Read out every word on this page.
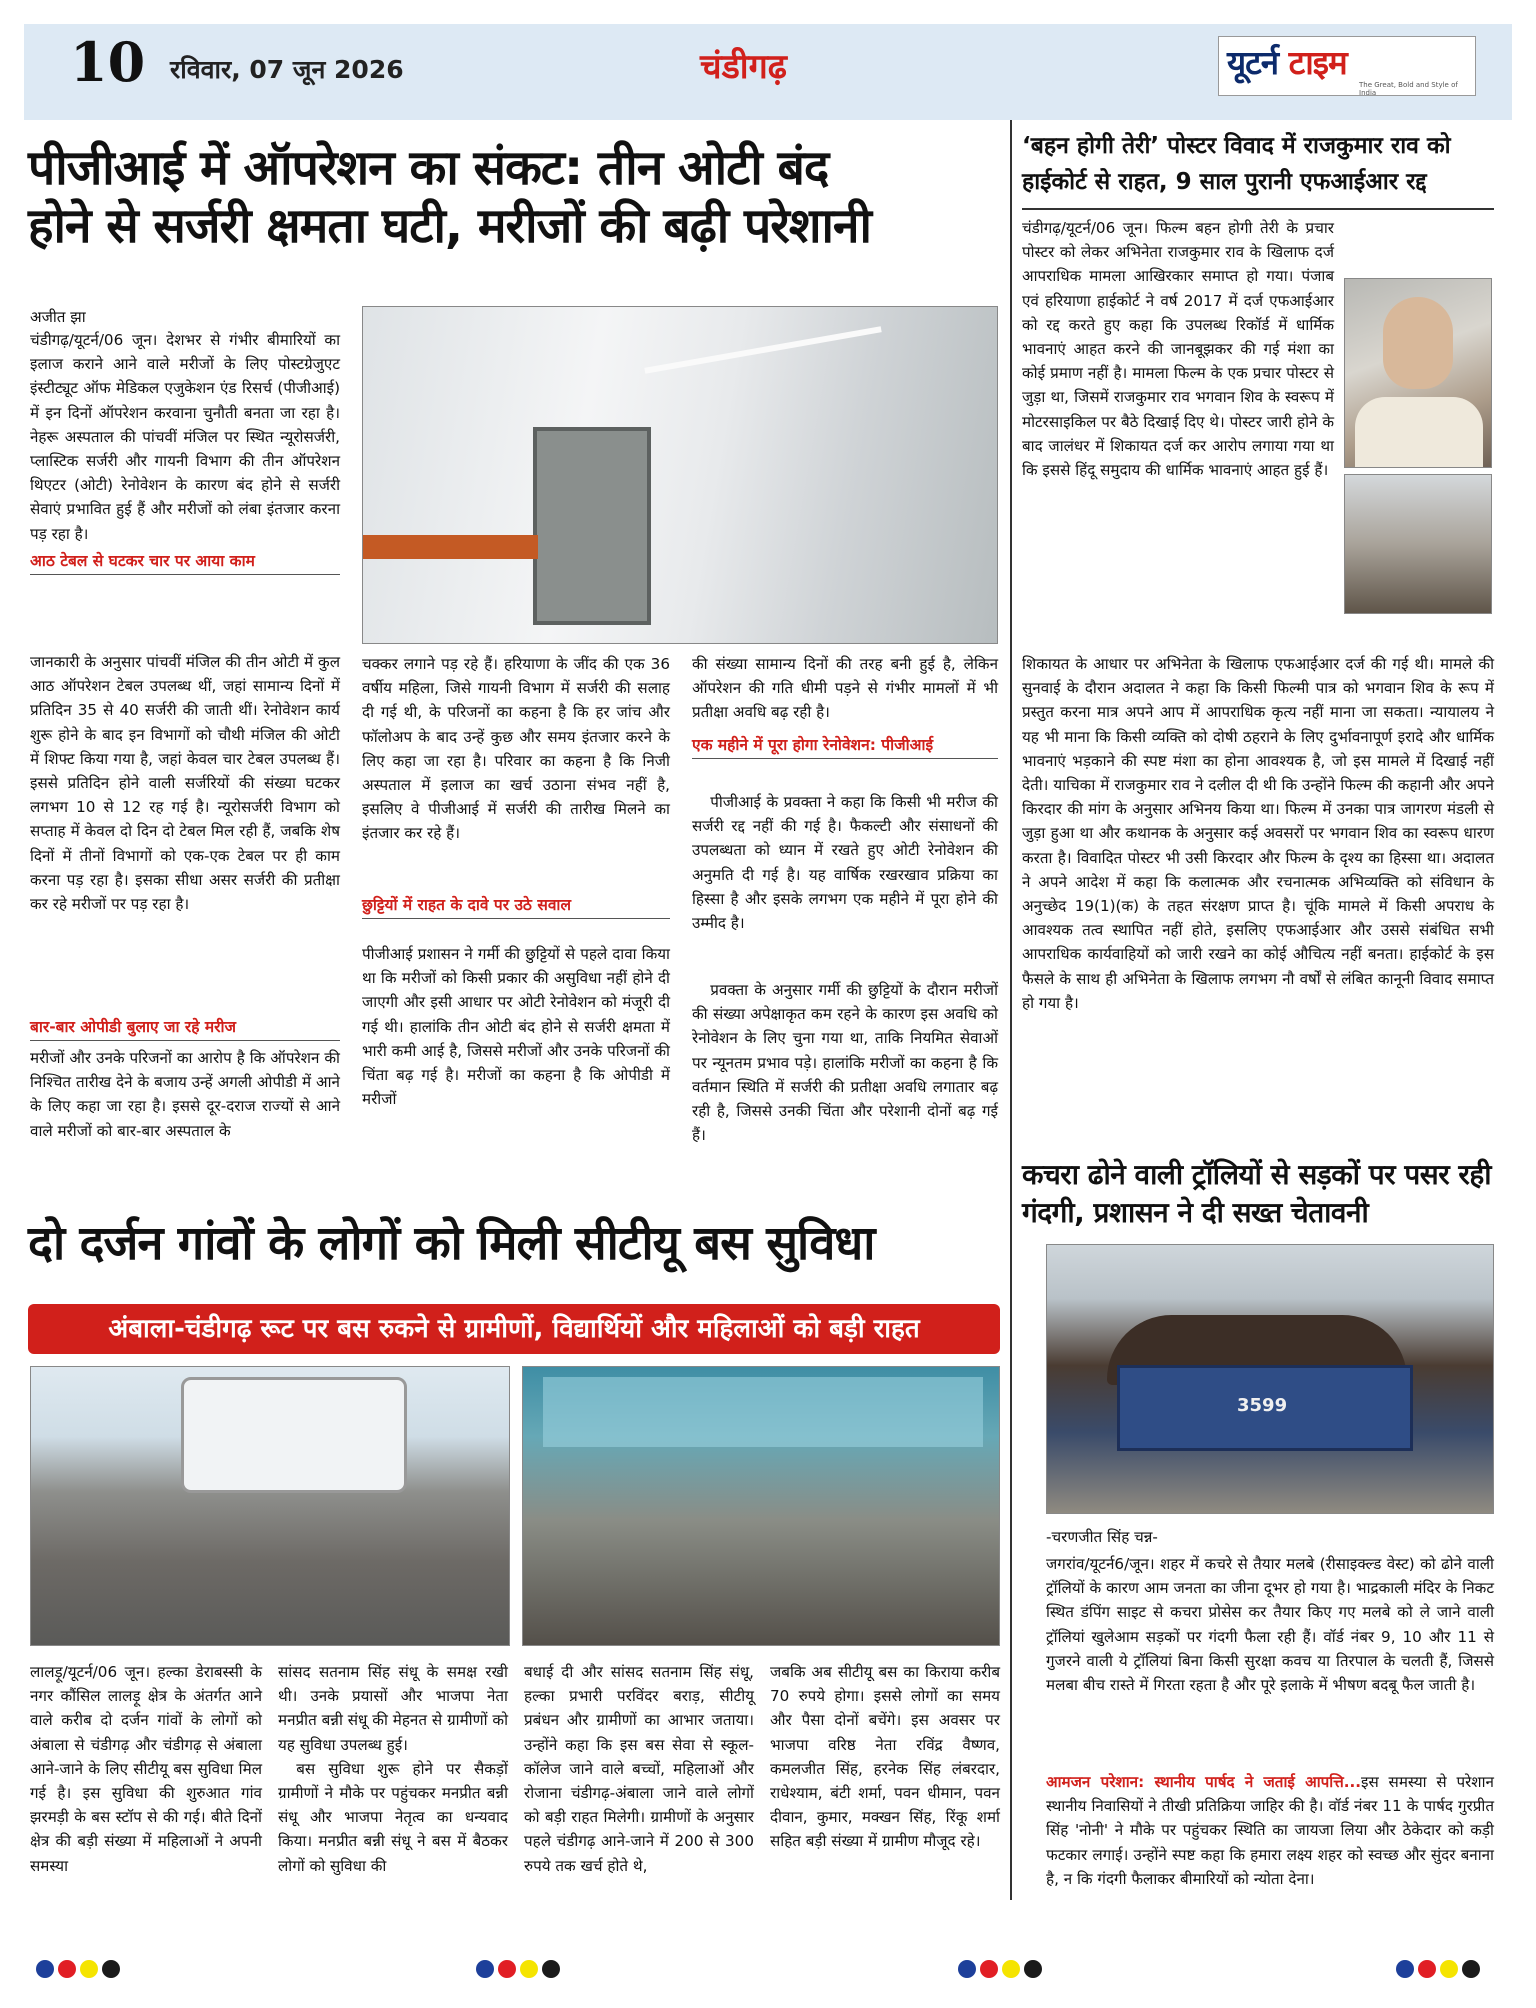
10 रविवार, 07 जून 2026	चंडीगढ़	यूटर्न टाइम
The Great, Bold and Style of India
पीजीआई में ऑपरेशन का संकट: तीन ओटी बंद
होने से सर्जरी क्षमता घटी, मरीजों की बढ़ी परेशानी
अजीत झा
चंडीगढ़/यूटर्न/06 जून। देशभर से गंभीर बीमारियों का इलाज कराने आने वाले मरीजों के लिए पोस्टग्रेजुएट इंस्टीट्यूट ऑफ मेडिकल एजुकेशन एंड रिसर्च (पीजीआई) में इन दिनों ऑपरेशन करवाना चुनौती बनता जा रहा है। नेहरू अस्पताल की पांचवीं मंजिल पर स्थित न्यूरोसर्जरी, प्लास्टिक सर्जरी और गायनी विभाग की तीन ऑपरेशन थिएटर (ओटी) रेनोवेशन के कारण बंद होने से सर्जरी सेवाएं प्रभावित हुई हैं और मरीजों को लंबा इंतजार करना पड़ रहा है।
आठ टेबल से घटकर चार पर आया काम
जानकारी के अनुसार पांचवीं मंजिल की तीन ओटी में कुल आठ ऑपरेशन टेबल उपलब्ध थीं, जहां सामान्य दिनों में प्रतिदिन 35 से 40 सर्जरी की जाती थीं। रेनोवेशन कार्य शुरू होने के बाद इन विभागों को चौथी मंजिल की ओटी में शिफ्ट किया गया है, जहां केवल चार टेबल उपलब्ध हैं। इससे प्रतिदिन होने वाली सर्जरियों की संख्या घटकर लगभग 10 से 12 रह गई है। न्यूरोसर्जरी विभाग को सप्ताह में केवल दो दिन दो टेबल मिल रही हैं, जबकि शेष दिनों में तीनों विभागों को एक-एक टेबल पर ही काम करना पड़ रहा है। इसका सीधा असर सर्जरी की प्रतीक्षा कर रहे मरीजों पर पड़ रहा है।
बार-बार ओपीडी बुलाए जा रहे मरीज
मरीजों और उनके परिजनों का आरोप है कि ऑपरेशन की निश्चित तारीख देने के बजाय उन्हें अगली ओपीडी में आने के लिए कहा जा रहा है। इससे दूर-दराज राज्यों से आने वाले मरीजों को बार-बार अस्पताल के
चक्कर लगाने पड़ रहे हैं। हरियाणा के जींद की एक 36 वर्षीय महिला, जिसे गायनी विभाग में सर्जरी की सलाह दी गई थी, के परिजनों का कहना है कि हर जांच और फॉलोअप के बाद उन्हें कुछ और समय इंतजार करने के लिए कहा जा रहा है। परिवार का कहना है कि निजी अस्पताल में इलाज का खर्च उठाना संभव नहीं है, इसलिए वे पीजीआई में सर्जरी की तारीख मिलने का इंतजार कर रहे हैं।
छुट्टियों में राहत के दावे पर उठे सवाल
पीजीआई प्रशासन ने गर्मी की छुट्टियों से पहले दावा किया था कि मरीजों को किसी प्रकार की असुविधा नहीं होने दी जाएगी और इसी आधार पर ओटी रेनोवेशन को मंजूरी दी गई थी। हालांकि तीन ओटी बंद होने से सर्जरी क्षमता में भारी कमी आई है, जिससे मरीजों और उनके परिजनों की चिंता बढ़ गई है। मरीजों का कहना है कि ओपीडी में मरीजों
की संख्या सामान्य दिनों की तरह बनी हुई है, लेकिन ऑपरेशन की गति धीमी पड़ने से गंभीर मामलों में भी प्रतीक्षा अवधि बढ़ रही है।
एक महीने में पूरा होगा रेनोवेशन: पीजीआई
पीजीआई के प्रवक्ता ने कहा कि किसी भी मरीज की सर्जरी रद्द नहीं की गई है। फैकल्टी और संसाधनों की उपलब्धता को ध्यान में रखते हुए ओटी रेनोवेशन की अनुमति दी गई है। यह वार्षिक रखरखाव प्रक्रिया का हिस्सा है और इसके लगभग एक महीने में पूरा होने की उम्मीद है।
प्रवक्ता के अनुसार गर्मी की छुट्टियों के दौरान मरीजों की संख्या अपेक्षाकृत कम रहने के कारण इस अवधि को रेनोवेशन के लिए चुना गया था, ताकि नियमित सेवाओं पर न्यूनतम प्रभाव पड़े। हालांकि मरीजों का कहना है कि वर्तमान स्थिति में सर्जरी की प्रतीक्षा अवधि लगातार बढ़ रही है, जिससे उनकी चिंता और परेशानी दोनों बढ़ गई हैं।
दो दर्जन गांवों के लोगों को मिली सीटीयू बस सुविधा
अंबाला-चंडीगढ़ रूट पर बस रुकने से ग्रामीणों, विद्यार्थियों और महिलाओं को बड़ी राहत
लालड़ू/यूटर्न/06 जून। हल्का डेराबस्सी के नगर कौंसिल लालड़ू क्षेत्र के अंतर्गत आने वाले करीब दो दर्जन गांवों के लोगों को अंबाला से चंडीगढ़ और चंडीगढ़ से अंबाला आने-जाने के लिए सीटीयू बस सुविधा मिल गई है। इस सुविधा की शुरुआत गांव झरमड़ी के बस स्टॉप से की गई। बीते दिनों क्षेत्र की बड़ी संख्या में महिलाओं ने अपनी समस्या

सांसद सतनाम सिंह संधू के समक्ष रखी थी। उनके प्रयासों और भाजपा नेता मनप्रीत बन्नी संधू की मेहनत से ग्रामीणों को यह सुविधा उपलब्ध हुई।

बस सुविधा शुरू होने पर सैकड़ों ग्रामीणों ने मौके पर पहुंचकर मनप्रीत बन्नी संधू और भाजपा नेतृत्व का धन्यवाद किया। मनप्रीत बन्नी संधू ने बस में बैठकर लोगों को सुविधा की

बधाई दी और सांसद सतनाम सिंह संधू, हल्का प्रभारी परविंदर बराड़, सीटीयू प्रबंधन और ग्रामीणों का आभार जताया। उन्होंने कहा कि इस बस सेवा से स्कूल-कॉलेज जाने वाले बच्चों, महिलाओं और रोजाना चंडीगढ़-अंबाला जाने वाले लोगों को बड़ी राहत मिलेगी। ग्रामीणों के अनुसार पहले चंडीगढ़ आने-जाने में 200 से 300 रुपये तक खर्च होते थे,
जबकि अब सीटीयू बस का किराया करीब 70 रुपये होगा। इससे लोगों का समय और पैसा दोनों बचेंगे। इस अवसर पर भाजपा वरिष्ठ नेता रविंद्र वैष्णव, कमलजीत सिंह, हरनेक सिंह लंबरदार, राधेश्याम, बंटी शर्मा, पवन धीमान, पवन दीवान, कुमार, मक्खन सिंह, रिंकू शर्मा सहित बड़ी संख्या में ग्रामीण मौजूद रहे।
‘बहन होगी तेरी’ पोस्टर विवाद में राजकुमार राव को हाईकोर्ट से राहत, 9 साल पुरानी एफआईआर रद्द
चंडीगढ़/यूटर्न/06 जून। फिल्म बहन होगी तेरी के प्रचार पोस्टर को लेकर अभिनेता राजकुमार राव के खिलाफ दर्ज आपराधिक मामला आखिरकार समाप्त हो गया। पंजाब एवं हरियाणा हाईकोर्ट ने वर्ष 2017 में दर्ज एफआईआर को रद्द करते हुए कहा कि उपलब्ध रिकॉर्ड में धार्मिक भावनाएं आहत करने की जानबूझकर की गई मंशा का कोई प्रमाण नहीं है। मामला फिल्म के एक प्रचार पोस्टर से जुड़ा था, जिसमें राजकुमार राव भगवान शिव के स्वरूप में मोटरसाइकिल पर बैठे दिखाई दिए थे। पोस्टर जारी होने के बाद जालंधर में शिकायत दर्ज कर आरोप लगाया गया था कि इससे हिंदू समुदाय की धार्मिक भावनाएं आहत हुई हैं।
शिकायत के आधार पर अभिनेता के खिलाफ एफआईआर दर्ज की गई थी। मामले की सुनवाई के दौरान अदालत ने कहा कि किसी फिल्मी पात्र को भगवान शिव के रूप में प्रस्तुत करना मात्र अपने आप में आपराधिक कृत्य नहीं माना जा सकता। न्यायालय ने यह भी माना कि किसी व्यक्ति को दोषी ठहराने के लिए दुर्भावनापूर्ण इरादे और धार्मिक भावनाएं भड़काने की स्पष्ट मंशा का होना आवश्यक है, जो इस मामले में दिखाई नहीं देती। याचिका में राजकुमार राव ने दलील दी थी कि उन्होंने फिल्म की कहानी और अपने किरदार की मांग के अनुसार अभिनय किया था। फिल्म में उनका पात्र जागरण मंडली से जुड़ा हुआ था और कथानक के अनुसार कई अवसरों पर भगवान शिव का स्वरूप धारण करता है। विवादित पोस्टर भी उसी किरदार और फिल्म के दृश्य का हिस्सा था। अदालत ने अपने आदेश में कहा कि कलात्मक और रचनात्मक अभिव्यक्ति को संविधान के अनुच्छेद 19(1)(क) के तहत संरक्षण प्राप्त है। चूंकि मामले में किसी अपराध के आवश्यक तत्व स्थापित नहीं होते, इसलिए एफआईआर और उससे संबंधित सभी आपराधिक कार्यवाहियों को जारी रखने का कोई औचित्य नहीं बनता। हाईकोर्ट के इस फैसले के साथ ही अभिनेता के खिलाफ लगभग नौ वर्षों से लंबित कानूनी विवाद समाप्त हो गया है।
कचरा ढोने वाली ट्रॉलियों से सड़कों पर पसर रही गंदगी, प्रशासन ने दी सख्त चेतावनी
3599
-चरणजीत सिंह चन्न-
जगरांव/यूटर्न6/जून। शहर में कचरे से तैयार मलबे (रीसाइक्ल्ड वेस्ट) को ढोने वाली ट्रॉलियों के कारण आम जनता का जीना दूभर हो गया है। भाद्रकाली मंदिर के निकट स्थित डंपिंग साइट से कचरा प्रोसेस कर तैयार किए गए मलबे को ले जाने वाली ट्रॉलियां खुलेआम सड़कों पर गंदगी फैला रही हैं। वॉर्ड नंबर 9, 10 और 11 से गुजरने वाली ये ट्रॉलियां बिना किसी सुरक्षा कवच या तिरपाल के चलती हैं, जिससे मलबा बीच रास्ते में गिरता रहता है और पूरे इलाके में भीषण बदबू फैल जाती है।
आमजन परेशान: स्थानीय पार्षद ने जताई आपत्ति...इस समस्या से परेशान स्थानीय निवासियों ने तीखी प्रतिक्रिया जाहिर की है। वॉर्ड नंबर 11 के पार्षद गुरप्रीत सिंह 'नोनी' ने मौके पर पहुंचकर स्थिति का जायजा लिया और ठेकेदार को कड़ी फटकार लगाई। उन्होंने स्पष्ट कहा कि हमारा लक्ष्य शहर को स्वच्छ और सुंदर बनाना है, न कि गंदगी फैलाकर बीमारियों को न्योता देना।
